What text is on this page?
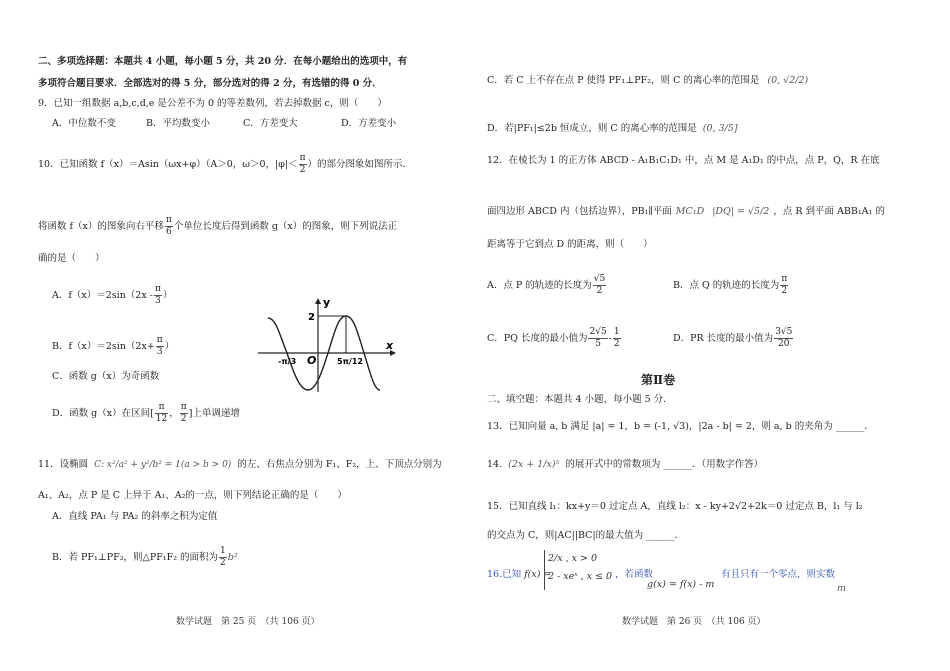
二、多项选择题：本题共 4 小题，每小题 5 分，共 20 分．在每小题给出的选项中，有
多项符合题目要求．全部选对的得 5 分，部分选对的得 2 分，有选错的得 0 分．
9．已知一组数据 a,b,c,d,e 是公差不为 0 的等差数列，若去掉数据 c，则（　　）
A．中位数不变	B．平均数变小	C．方差变大	D．方差变小
10．已知函数 f（x）＝Asin（ωx+φ）（A＞0，ω＞0，$|\varphi|< \frac{\pi}{2}$ ）的部分图象如图所示．
将函数 f（x）的图象向右平移 $\frac{\pi}{6}$ 个单位长度后得到函数 g（x）的图象，则下列说法正
确的是（　　）
A．$f(x)=2\sin(2x - \frac{\pi}{3}$ ）
B．$f(x)=2\sin(2x+ \frac{\pi}{3}$ ）
C．函数 g（x）为奇函数
D．函数 g（x）在区间[ $\frac{\pi}{12}$ ， $\frac{\pi}{2}$ ]上单调递增
y
x
O
2
-π/3	5π/12
11．设椭圆 C: x²/a² + y²/b² = 1(a > b > 0) 的左、右焦点分别为 F₁、F₂，上、下顶点分别为
A₁、A₂，点 P 是 C 上异于 A₁、A₂的一点，则下列结论正确的是（　　）
A．直线 PA₁ 与 PA₂ 的斜率之积为定值
B．若 PF₁⊥PF₂，则△PF₁F₂ 的面积为 $\frac{1}{2} b^2$
数学试题　第 25 页　（共 106 页）
C．若 C 上不存在点 P 使得 PF₁⊥PF₂，则 C 的离心率的范围是 (0, √2/2)
D．若|PF₁|≤2b 恒成立，则 C 的离心率的范围是 (0, 3/5]
12．在棱长为 1 的正方体 ABCD - A₁B₁C₁D₁ 中，点 M 是 A₁D₁ 的中点，点 P，Q，R 在底
面四边形 ABCD 内（包括边界），PB₁∥平面 MC₁D |DQ| = √5/2 ，点 R 到平面 ABB₁A₁ 的
距离等于它到点 D 的距离，则（　　）
A．点 P 的轨迹的长度为 $\frac{√5}{2}$	B．点 Q 的轨迹的长度为 $\frac{\pi}{2}$
C．PQ 长度的最小值为 $\frac{2√5}{5} - \frac{1}{2}$	D．PR 长度的最小值为 $\frac{3√5}{20}$
第Ⅱ卷
二、填空题：本题共 4 小题，每小题 5 分．
13．已知向量 a, b 满足 |a| = 1，b = (-1, √3)，|2a - b| = 2，则 a, b 的夹角为 ______．
14. (2x + 1/x)⁵ 的展开式中的常数项为 ______．（用数字作答）
15．已知直线 l₁：kx+y＝0 过定点 A，直线 l₂：x - ky+2√2+2k＝0 过定点 B，l₁ 与 l₂
的交点为 C，则|AC||BC|的最大值为 ______．
16.已知 f(x) =
2/x , x > 0
2 - xeˣ , x ≤ 0 ，若函数
g(x) = f(x) - m
有且只有一个零点，则实数
m
数学试题　第 26 页　（共 106 页）
